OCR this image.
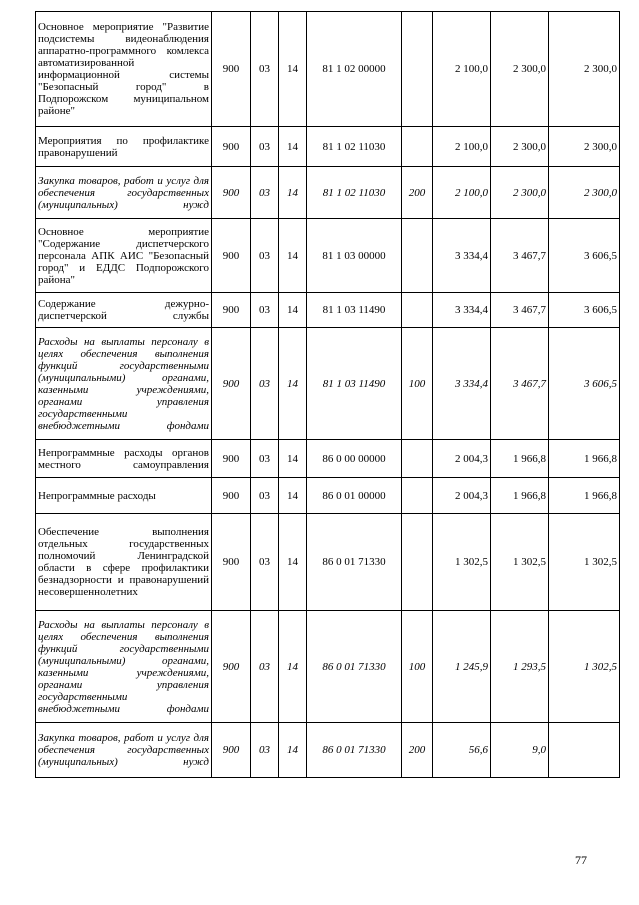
Основное мероприятие "Развитие подсистемы видеонаблюдения аппаратно-программного комлекса автоматизированной информационной системы "Безопасный город" в Подпорожском муниципальном районе"	900	03	14	81 1 02 00000		2 100,0	2 300,0	2 300,0
Мероприятия по профилактике правонарушений	900	03	14	81 1 02 11030		2 100,0	2 300,0	2 300,0
Закупка товаров, работ и услуг для обеспечения государственных (муниципальных) нужд	900	03	14	81 1 02 11030	200	2 100,0	2 300,0	2 300,0
Основное мероприятие "Содержание диспетчерского персонала АПК АИС "Безопасный город" и ЕДДС Подпорожского района"	900	03	14	81 1 03 00000		3 334,4	3 467,7	3 606,5
Содержание дежурно-диспетчерской службы	900	03	14	81 1 03 11490		3 334,4	3 467,7	3 606,5
Расходы на выплаты персоналу в целях обеспечения выполнения функций государственными (муниципальными) органами, казенными учреждениями, органами управления государственными внебюджетными фондами	900	03	14	81 1 03 11490	100	3 334,4	3 467,7	3 606,5
Непрограммные расходы органов местного самоуправления	900	03	14	86 0 00 00000		2 004,3	1 966,8	1 966,8
Непрограммные расходы	900	03	14	86 0 01 00000		2 004,3	1 966,8	1 966,8
Обеспечение выполнения отдельных государственных полномочий Ленинградской области в сфере профилактики безнадзорности и правонарушений несовершеннолетних	900	03	14	86 0 01 71330		1 302,5	1 302,5	1 302,5
Расходы на выплаты персоналу в целях обеспечения выполнения функций государственными (муниципальными) органами, казенными учреждениями, органами управления государственными внебюджетными фондами	900	03	14	86 0 01 71330	100	1 245,9	1 293,5	1 302,5
Закупка товаров, работ и услуг для обеспечения государственных (муниципальных) нужд	900	03	14	86 0 01 71330	200	56,6	9,0	
77
